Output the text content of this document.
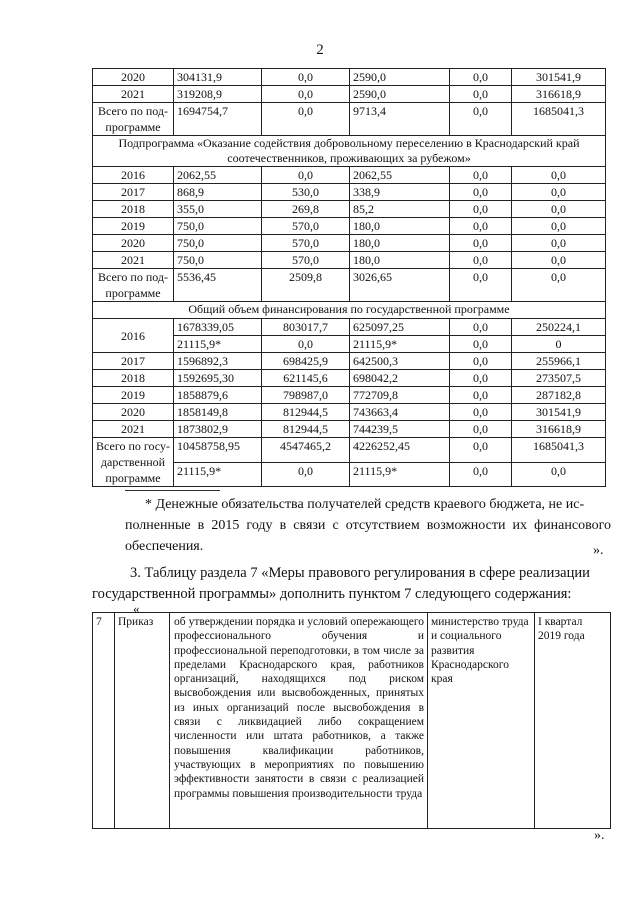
2
2020	304131,9	0,0	2590,0	0,0	301541,9
2021	319208,9	0,0	2590,0	0,0	316618,9
Всего по под-программе	1694754,7	0,0	9713,4	0,0	1685041,3
Подпрограмма «Оказание содействия добровольному переселению в Краснодарский край соотечественников, проживающих за рубежом»					
2016	2062,55	0,0	2062,55	0,0	0,0
2017	868,9	530,0	338,9	0,0	0,0
2018	355,0	269,8	85,2	0,0	0,0
2019	750,0	570,0	180,0	0,0	0,0
2020	750,0	570,0	180,0	0,0	0,0
2021	750,0	570,0	180,0	0,0	0,0
Всего по под-программе	5536,45	2509,8	3026,65	0,0	0,0
Общий объем финансирования по государственной программе					
2016	1678339,05	803017,7	625097,25	0,0	250224,1
	21115,9*	0,0	21115,9*	0,0	0
2017	1596892,3	698425,9	642500,3	0,0	255966,1
2018	1592695,30	621145,6	698042,2	0,0	273507,5
2019	1858879,6	798987,0	772709,8	0,0	287182,8
2020	1858149,8	812944,5	743663,4	0,0	301541,9
2021	1873802,9	812944,5	744239,5	0,0	316618,9
Всего по госу-дарственной программе	10458758,95	4547465,2	4226252,45	0,0	1685041,3
	21115,9*	0,0	21115,9*	0,0	0,0
* Денежные обязательства получателей средств краевого бюджета, не ис-
полненные в 2015 году в связи с отсутствием возможности их финансового обеспечения.	».
3. Таблицу раздела 7 «Меры правового регулирования в сфере реализации
государственной программы» дополнить пунктом 7 следующего содержания:
«
7	Приказ	об утверждении порядка и условий опережающего профессионального обучения и профессиональной переподготовки, в том числе за пределами Краснодарского края, работников организаций, находящихся под риском высвобождения или высвобожденных, принятых из иных организаций после высвобождения в связи с ликвидацией либо сокращением численности или штата работников, а также повышения квалификации работников, участвующих в мероприятиях по повышению эффективности занятости в связи с реализацией программы повышения производительности труда	министерство труда и социального развития Краснодарского края	I квартал 2019 года
».
